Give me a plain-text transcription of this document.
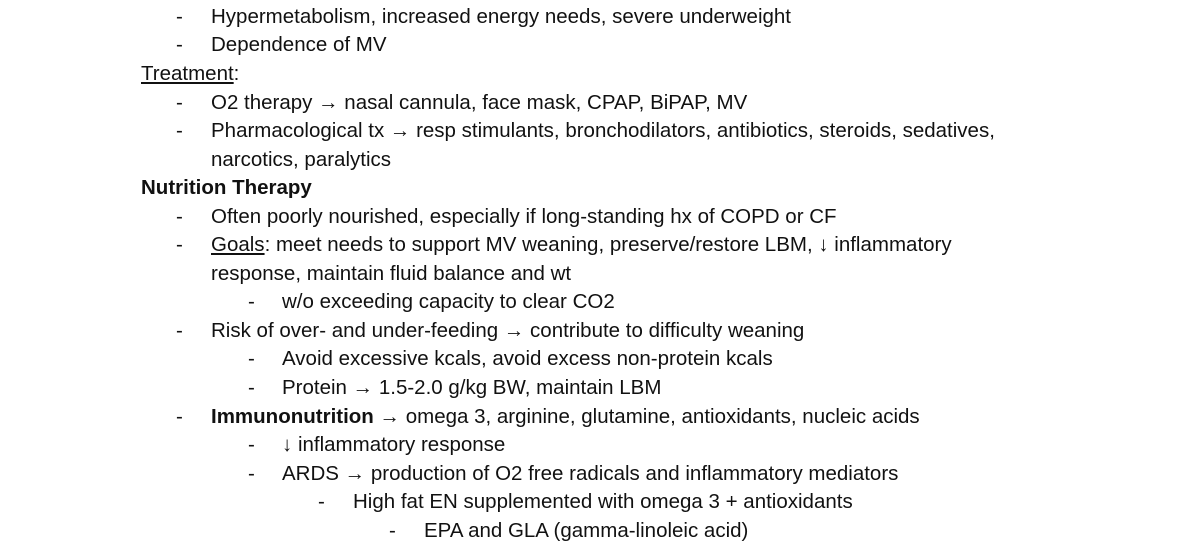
-	Hypermetabolism, increased energy needs, severe underweight
-	Dependence of MV
Treatment:
-	O2 therapy → nasal cannula, face mask, CPAP, BiPAP, MV
-	Pharmacological tx → resp stimulants, bronchodilators, antibiotics, steroids, sedatives,
narcotics, paralytics
Nutrition Therapy
-	Often poorly nourished, especially if long-standing hx of COPD or CF
-	Goals: meet needs to support MV weaning, preserve/restore LBM, ↓ inflammatory
response, maintain fluid balance and wt
-	w/o exceeding capacity to clear CO2
-	Risk of over- and under-feeding → contribute to difficulty weaning
-	Avoid excessive kcals, avoid excess non-protein kcals
-	Protein → 1.5-2.0 g/kg BW, maintain LBM
-	Immunonutrition → omega 3, arginine, glutamine, antioxidants, nucleic acids
-	↓ inflammatory response
-	ARDS → production of O2 free radicals and inflammatory mediators
-	High fat EN supplemented with omega 3 + antioxidants
-	EPA and GLA (gamma-linoleic acid)
